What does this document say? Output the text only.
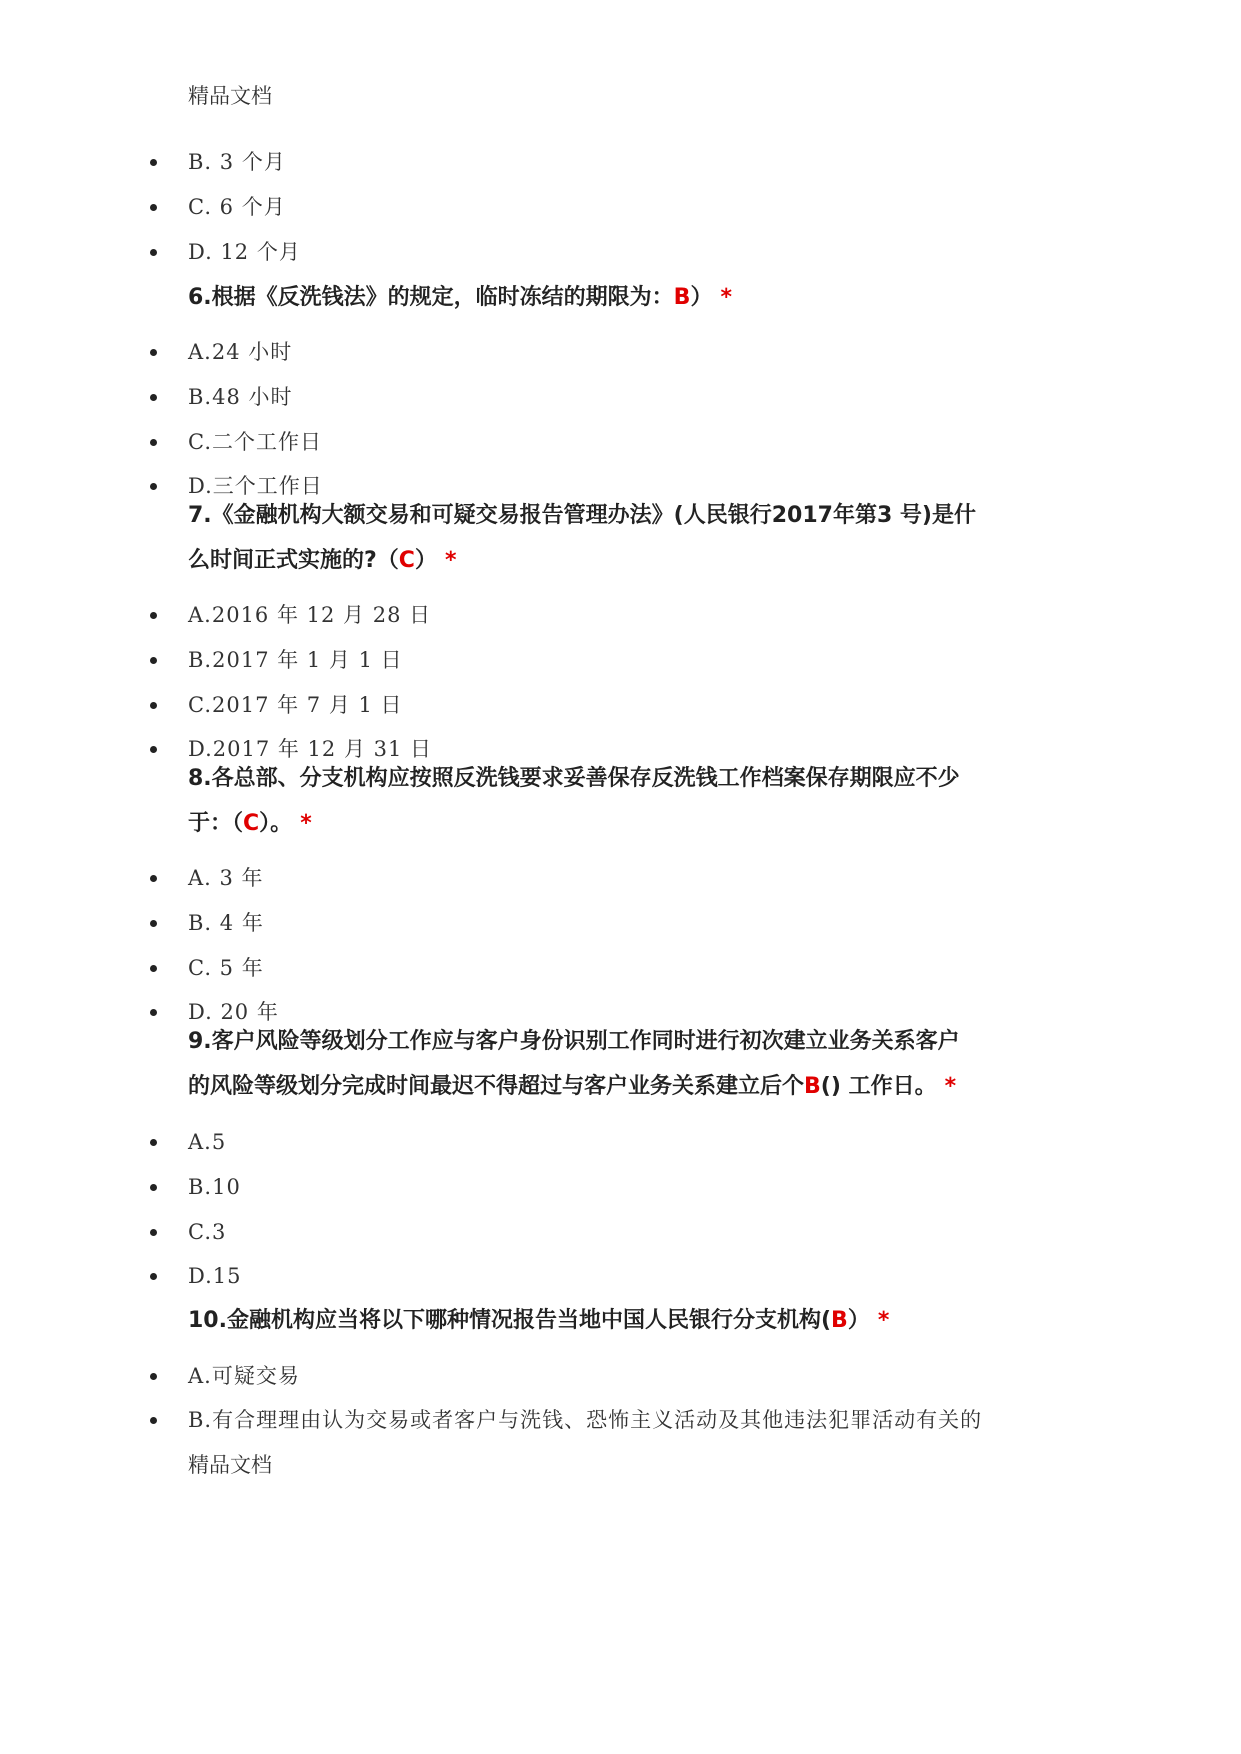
精品文档
B. 3 个月
C. 6 个月
D. 12 个月
6.根据《反洗钱法》的规定，临时冻结的期限为：B） *
A.24 小时
B.48 小时
C.二个工作日
D.三个工作日
7.《金融机构大额交易和可疑交易报告管理办法》(人民银行2017年第3 号)是什
么时间正式实施的?（C） *
A.2016 年 12 月 28 日
B.2017 年 1 月 1 日
C.2017 年 7 月 1 日
D.2017 年 12 月 31 日
8.各总部、分支机构应按照反洗钱要求妥善保存反洗钱工作档案保存期限应不少
于：（C）。 *
A. 3 年
B. 4 年
C. 5 年
D. 20 年
9.客户风险等级划分工作应与客户身份识别工作同时进行初次建立业务关系客户
的风险等级划分完成时间最迟不得超过与客户业务关系建立后个B() 工作日。 *
A.5
B.10
C.3
D.15
10.金融机构应当将以下哪种情况报告当地中国人民银行分支机构(B） *
A.可疑交易
B.有合理理由认为交易或者客户与洗钱、恐怖主义活动及其他违法犯罪活动有关的
精品文档
